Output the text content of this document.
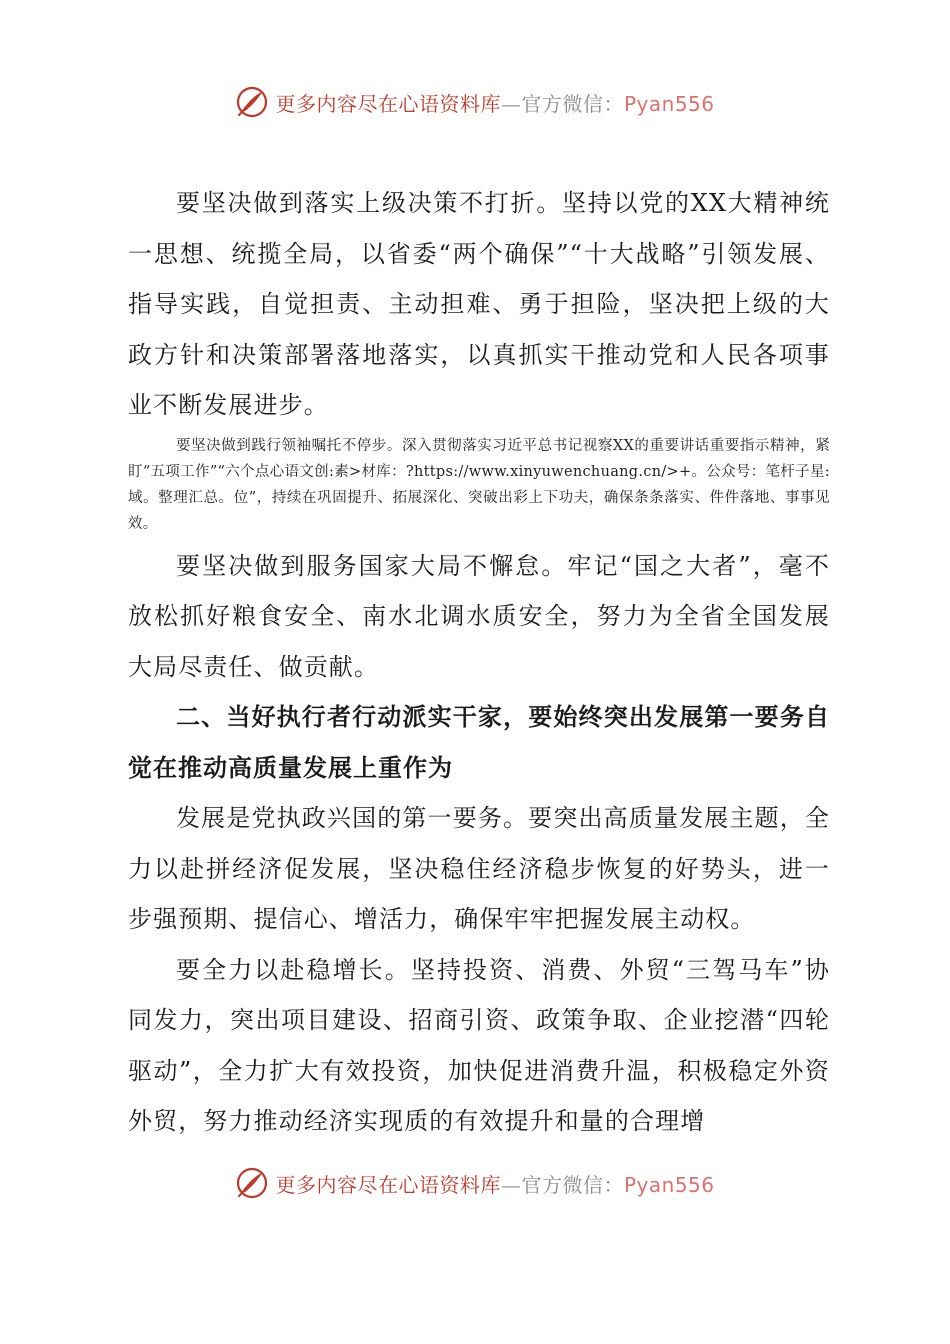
更多内容尽在心语资料库—官方微信：Pyan556

要坚决做到落实上级决策不打折。坚持以党的XX大精神统一思想、统揽全局，以省委“两个确保”“十大战略”引领发展、指导实践，自觉担责、主动担难、勇于担险，坚决把上级的大政方针和决策部署落地落实，以真抓实干推动党和人民各项事业不断发展进步。

要坚决做到践行领袖嘱托不停步。深入贯彻落实习近平总书记视察XX的重要讲话重要指示精神，紧盯“五项工作”“六个点心语文创:素>材库：?https://www.xinyuwenchuang.cn/>+。公众号：笔杆子星:域。整理汇总。位”，持续在巩固提升、拓展深化、突破出彩上下功夫，确保条条落实、件件落地、事事见效。

要坚决做到服务国家大局不懈怠。牢记“国之大者”，毫不放松抓好粮食安全、南水北调水质安全，努力为全省全国发展大局尽责任、做贡献。

二、当好执行者行动派实干家，要始终突出发展第一要务自觉在推动高质量发展上重作为

发展是党执政兴国的第一要务。要突出高质量发展主题，全力以赴拼经济促发展，坚决稳住经济稳步恢复的好势头，进一步强预期、提信心、增活力，确保牢牢把握发展主动权。

要全力以赴稳增长。坚持投资、消费、外贸“三驾马车”协同发力，突出项目建设、招商引资、政策争取、企业挖潜“四轮驱动”，全力扩大有效投资，加快促进消费升温，积极稳定外资外贸，努力推动经济实现质的有效提升和量的合理增

更多内容尽在心语资料库—官方微信：Pyan556
